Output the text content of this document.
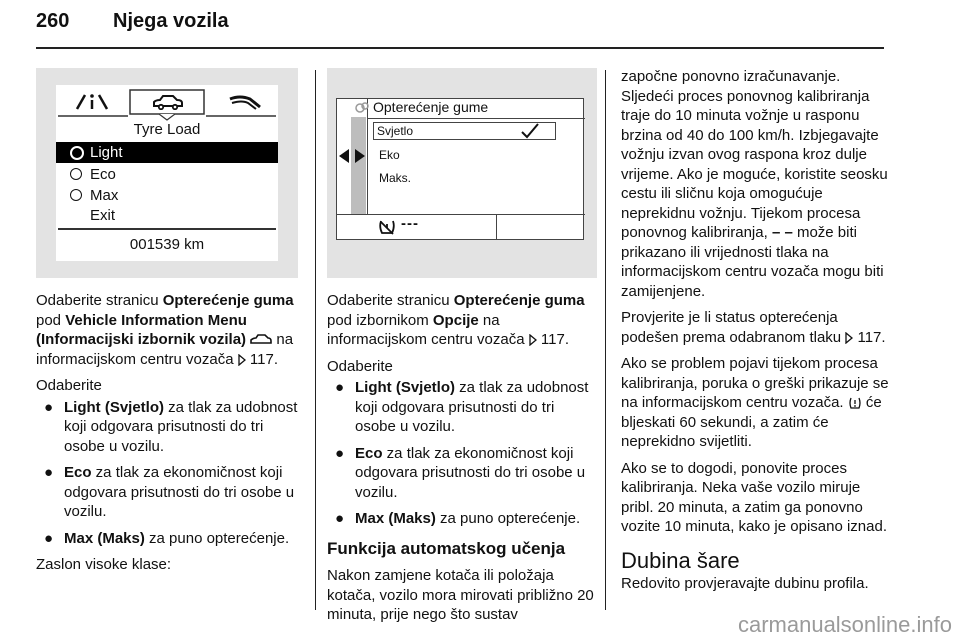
260 Njega vozila
Tyre Load
Light
Eco
Max
Exit
001539 km
Opterećenje gume
Svjetlo
Eko
Maks.
---

Odaberite stranicu Opterećenje guma pod Vehicle Information Menu (Informacijski izbornik vozila)  na informacijskom centru vozača  117.

Odaberite

● Light (Svjetlo) za tlak za udobnost koji odgovara prisutnosti do tri osobe u vozilu.
● Eco za tlak za ekonomičnost koji odgovara prisutnosti do tri osobe u vozilu.
● Max (Maks) za puno opterećenje.

Zaslon visoke klase:

Odaberite stranicu Opterećenje guma pod izbornikom Opcije na informacijskom centru vozača  117.

Odaberite

● Light (Svjetlo) za tlak za udobnost koji odgovara prisutnosti do tri osobe u vozilu.
● Eco za tlak za ekonomičnost koji odgovara prisutnosti do tri osobe u vozilu.
● Max (Maks) za puno opterećenje.
Funkcija automatskog učenja

Nakon zamjene kotača ili položaja kotača, vozilo mora mirovati približno 20 minuta, prije nego što sustav

započne ponovno izračunavanje. Sljedeći proces ponovnog kalibriranja traje do 10 minuta vožnje u rasponu brzina od 40 do 100 km/h. Izbjegavajte vožnju izvan ovog raspona kroz dulje vrijeme. Ako je moguće, koristite seosku cestu ili sličnu koja omogućuje neprekidnu vožnju. Tijekom procesa ponovnog kalibriranja, – – može biti prikazano ili vrijednosti tlaka na informacijskom centru vozača mogu biti zamijenjene.

Provjerite je li status opterećenja podešen prema odabranom tlaku  117.

Ako se problem pojavi tijekom procesa kalibriranja, poruka o greški prikazuje se na informacijskom centru vozača.  će bljeskati 60 sekundi, a zatim će neprekidno svijetliti.

Ako se to dogodi, ponovite proces kalibriranja. Neka vaše vozilo miruje pribl. 20 minuta, a zatim ga ponovno vozite 10 minuta, kako je opisano iznad.

Dubina šare

Redovito provjeravajte dubinu profila.

carmanualsonline.info
